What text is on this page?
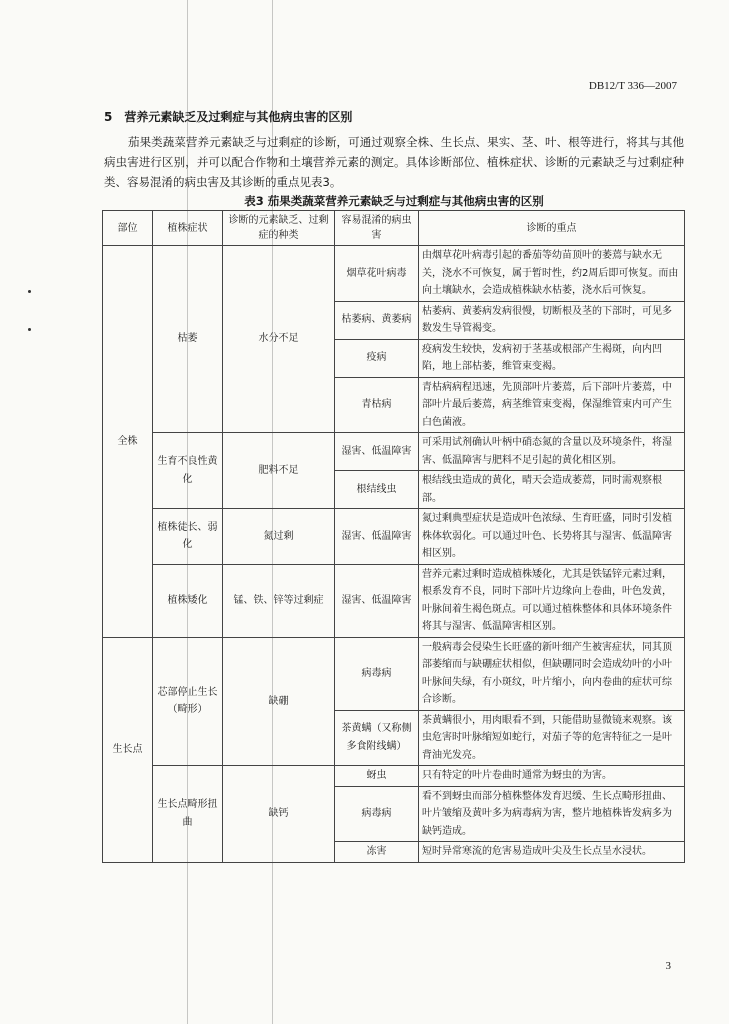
DB12/T 336—2007
5 营养元素缺乏及过剩症与其他病虫害的区别

茄果类蔬菜营养元素缺乏与过剩症的诊断，可通过观察全株、生长点、果实、茎、叶、根等进行，将其与其他病虫害进行区别，并可以配合作物和土壤营养元素的测定。具体诊断部位、植株症状、诊断的元素缺乏与过剩症种类、容易混淆的病虫害及其诊断的重点见表3。

表3 茄果类蔬菜营养元素缺乏与过剩症与其他病虫害的区别
部位	植株症状	诊断的元素缺乏、过剩症的种类	容易混淆的病虫害	诊断的重点
全株	枯萎	水分不足	烟草花叶病毒	由烟草花叶病毒引起的番茄等幼苗顶叶的萎蔫与缺水无关，浇水不可恢复，属于暂时性，约2周后即可恢复。而由向土壤缺水，会造成植株缺水枯萎，浇水后可恢复。
			枯萎病、黄萎病	枯萎病、黄萎病发病很慢，切断根及茎的下部时，可见多数发生导管褐变。
			疫病	疫病发生较快，发病初于茎基或根部产生褐斑，向内凹陷，地上部枯萎，维管束变褐。
			青枯病	青枯病病程迅速，先顶部叶片萎蔫，后下部叶片萎蔫，中部叶片最后萎蔫，病茎维管束变褐，保湿维管束内可产生白色菌液。
	生育不良性黄化	肥料不足	湿害、低温障害	可采用试剂确认叶柄中硝态氮的含量以及环境条件，将湿害、低温障害与肥料不足引起的黄化相区别。
			根结线虫	根结线虫造成的黄化，晴天会造成萎蔫，同时需观察根部。
	植株徒长、弱化	氮过剩	湿害、低温障害	氮过剩典型症状是造成叶色浓绿、生育旺盛，同时引发植株体软弱化。可以通过叶色、长势将其与湿害、低温障害相区别。
	植株矮化	锰、铁、锌等过剩症	湿害、低温障害	营养元素过剩时造成植株矮化，尤其是铁锰锌元素过剩，根系发育不良，同时下部叶片边缘向上卷曲，叶色发黄，叶脉间着生褐色斑点。可以通过植株整体和具体环境条件将其与湿害、低温障害相区别。
生长点	芯部停止生长（畸形）	缺硼	病毒病	一般病毒会侵染生长旺盛的新叶细产生被害症状，同其顶部萎缩而与缺硼症状相似，但缺硼同时会造成幼叶的小叶叶脉间失绿，有小斑纹，叶片缩小，向内卷曲的症状可综合诊断。
			茶黄螨（又称侧多食附线螨）	茶黄螨很小，用肉眼看不到，只能借助显微镜来观察。该虫危害时叶脉缩短如蛇行，对茄子等的危害特征之一是叶背油光发亮。
	生长点畸形扭曲	缺钙	蚜虫	只有特定的叶片卷曲时通常为蚜虫的为害。
			病毒病	看不到蚜虫而部分植株整体发育迟缓、生长点畸形扭曲、叶片皱缩及黄叶多为病毒病为害，整片地植株皆发病多为缺钙造成。
			冻害	短时异常寒流的危害易造成叶尖及生长点呈水浸状。
3
